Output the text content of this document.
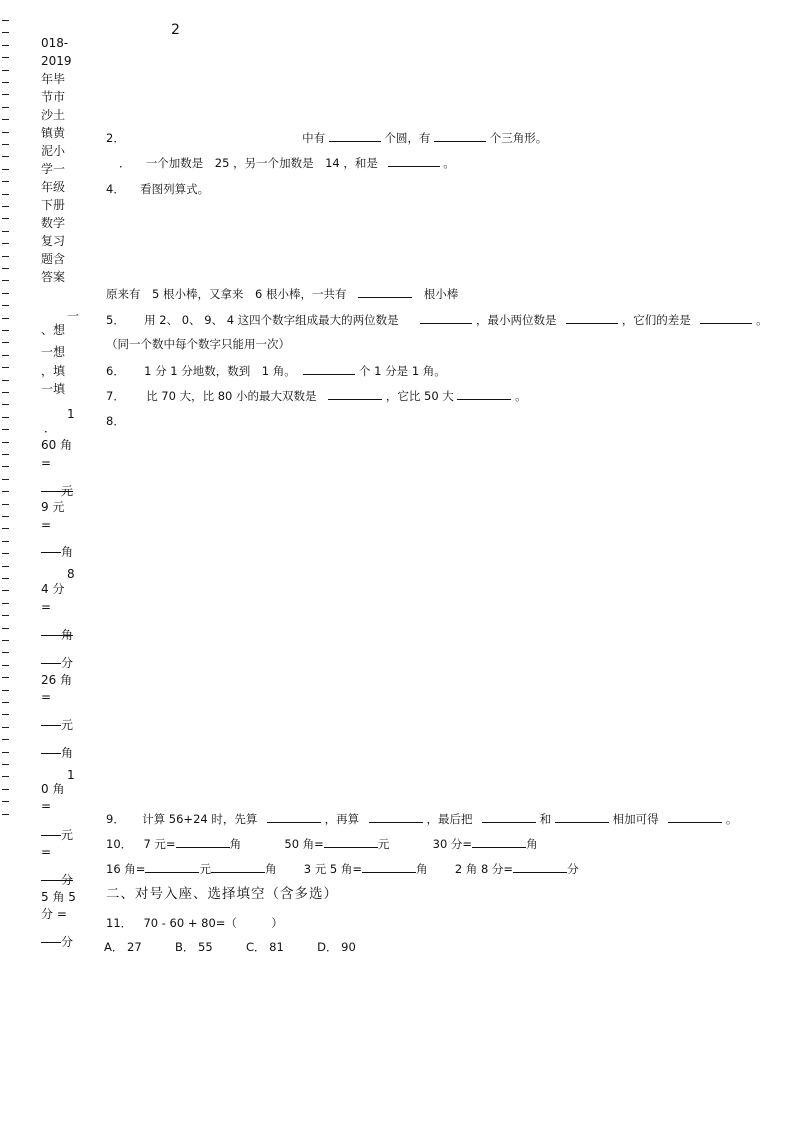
2
018-
2019
年毕
节市
沙土
镇黄
泥小
学一
年级
下册
数学
复习
题含
答案
一
、想
一想
，填
一填
1
．
60 角
=
元
9 元
=
角
8
4 分
=
角
分
26 角
=
元
角
1
0 角
=
元
=
分
5 角 5
分 =
分
2．	中有	个圆，有	个三角形。
． 一个加数是　25 ，另一个加数是　14 ，和是	。
4． 看图列算式。
原来有　5 根小棒，又拿来　6 根小棒，一共有	根小棒
5． 用 2、 0、 9、 4 这四个数字组成最大的两位数是	，最小两位数是	，它们的差是	。
（同一个数中每个数字只能用一次）
6． 1 分 1 分地数，数到　1 角。	个 1 分是 1 角。
7． 比 70 大，比 80 小的最大双数是	，它比 50 大	。
8．
9． 计算 56+24 时，先算	，再算	，最后把	和	相加可得	。
10． 7 元=	角	50 角=	元	30 分=	角
16 角=	元	角 3 元 5 角=	角 2 角 8 分=	分
二、对号入座、选择填空（含多选）
11． 70 - 60 + 80=（　　　）
A． 27	B． 55	C． 81	D． 90
